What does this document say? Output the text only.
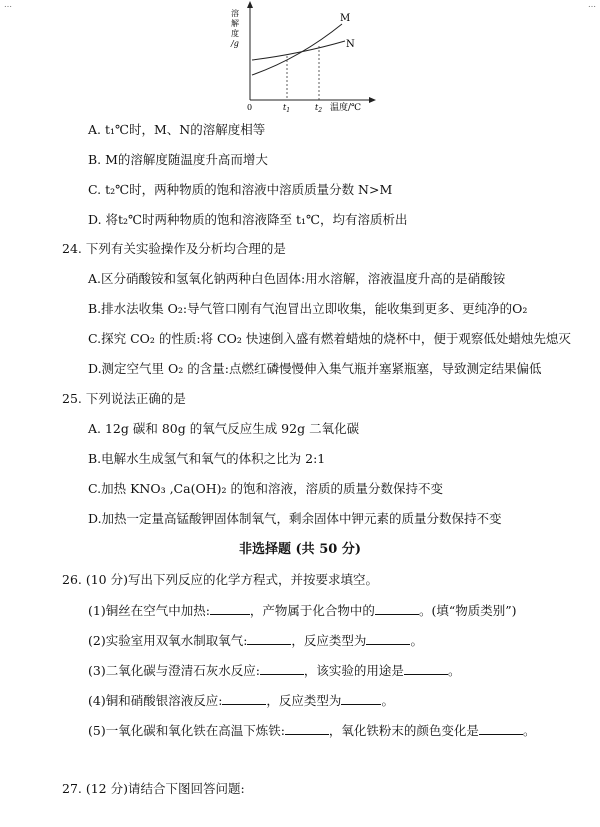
…	…
溶
解
度
/g
M
N
0	$t_1$	$t_2$ 温度/℃
A. t₁℃时，M、N的溶解度相等
B. M的溶解度随温度升高而增大
C. t₂℃时，两种物质的饱和溶液中溶质质量分数 N>M
D. 将t₂℃时两种物质的饱和溶液降至 t₁℃，均有溶质析出
24. 下列有关实验操作及分析均合理的是
A.区分硝酸铵和氢氧化钠两种白色固体:用水溶解，溶液温度升高的是硝酸铵
B.排水法收集 O₂:导气管口刚有气泡冒出立即收集，能收集到更多、更纯净的O₂
C.探究 CO₂ 的性质:将 CO₂ 快速倒入盛有燃着蜡烛的烧杯中，便于观察低处蜡烛先熄灭
D.测定空气里 O₂ 的含量:点燃红磷慢慢伸入集气瓶并塞紧瓶塞，导致测定结果偏低
25. 下列说法正确的是
A. 12g 碳和 80g 的氧气反应生成 92g 二氧化碳
B.电解水生成氢气和氧气的体积之比为 2:1
C.加热 KNO₃ ,Ca(OH)₂ 的饱和溶液，溶质的质量分数保持不变
D.加热一定量高锰酸钾固体制氧气，剩余固体中钾元素的质量分数保持不变
非选择题 (共 50 分)
26. (10 分)写出下列反应的化学方程式，并按要求填空。
(1)铜丝在空气中加热:	，产物属于化合物中的	。(填“物质类别”)
(2)实验室用双氧水制取氧气:	，反应类型为	。
(3)二氧化碳与澄清石灰水反应:	，该实验的用途是	。
(4)铜和硝酸银溶液反应:	，反应类型为	。
(5)一氧化碳和氧化铁在高温下炼铁:	，氧化铁粉末的颜色变化是	。
27. (12 分)请结合下图回答问题:
